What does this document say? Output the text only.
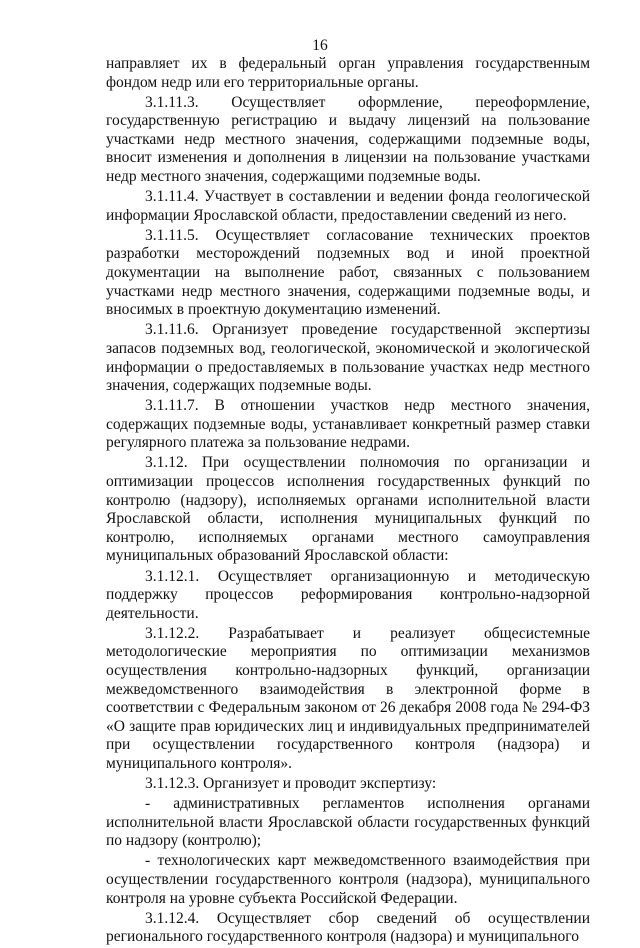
16

направляет их в федеральный орган управления государственным фондом недр или его территориальные органы.

3.1.11.3. Осуществляет оформление, переоформление, государственную регистрацию и выдачу лицензий на пользование участками недр местного значения, содержащими подземные воды, вносит изменения и дополнения в лицензии на пользование участками недр местного значения, содержащими подземные воды.

3.1.11.4. Участвует в составлении и ведении фонда геологической информации Ярославской области, предоставлении сведений из него.

3.1.11.5. Осуществляет согласование технических проектов разработки месторождений подземных вод и иной проектной документации на выполнение работ, связанных с пользованием участками недр местного значения, содержащими подземные воды, и вносимых в проектную документацию изменений.

3.1.11.6. Организует проведение государственной экспертизы запасов подземных вод, геологической, экономической и экологической информации о предоставляемых в пользование участках недр местного значения, содержащих подземные воды.

3.1.11.7. В отношении участков недр местного значения, содержащих подземные воды, устанавливает конкретный размер ставки регулярного платежа за пользование недрами.

3.1.12. При осуществлении полномочия по организации и оптимизации процессов исполнения государственных функций по контролю (надзору), исполняемых органами исполнительной власти Ярославской области, исполнения муниципальных функций по контролю, исполняемых органами местного самоуправления муниципальных образований Ярославской области:

3.1.12.1. Осуществляет организационную и методическую поддержку процессов реформирования контрольно-надзорной деятельности.

3.1.12.2. Разрабатывает и реализует общесистемные методологические мероприятия по оптимизации механизмов осуществления контрольно-надзорных функций, организации межведомственного взаимодействия в электронной форме в соответствии с Федеральным законом от 26 декабря 2008 года № 294-ФЗ «О защите прав юридических лиц и индивидуальных предпринимателей при осуществлении государственного контроля (надзора) и муниципального контроля».

3.1.12.3. Организует и проводит экспертизу:

- административных регламентов исполнения органами исполнительной власти Ярославской области государственных функций по надзору (контролю);

- технологических карт межведомственного взаимодействия при осуществлении государственного контроля (надзора), муниципального контроля на уровне субъекта Российской Федерации.

3.1.12.4. Осуществляет сбор сведений об осуществлении регионального государственного контроля (надзора) и муниципального
